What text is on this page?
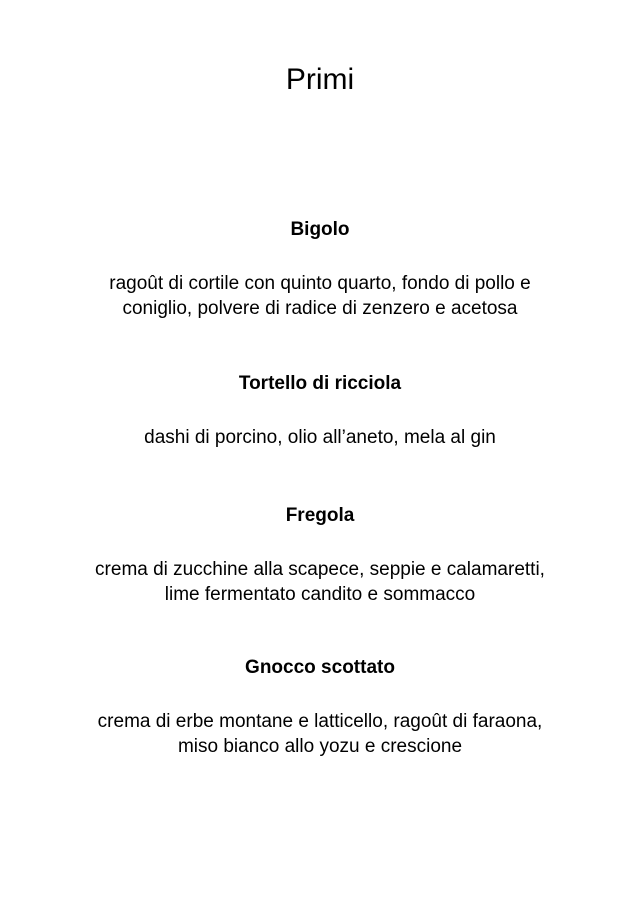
Primi

Bigolo

ragoût di cortile con quinto quarto, fondo di pollo e
coniglio, polvere di radice di zenzero e acetosa

Tortello di ricciola

dashi di porcino, olio all’aneto, mela al gin

Fregola

crema di zucchine alla scapece, seppie e calamaretti,
lime fermentato candito e sommacco

Gnocco scottato

crema di erbe montane e latticello, ragoût di faraona,
miso bianco allo yozu e crescione
